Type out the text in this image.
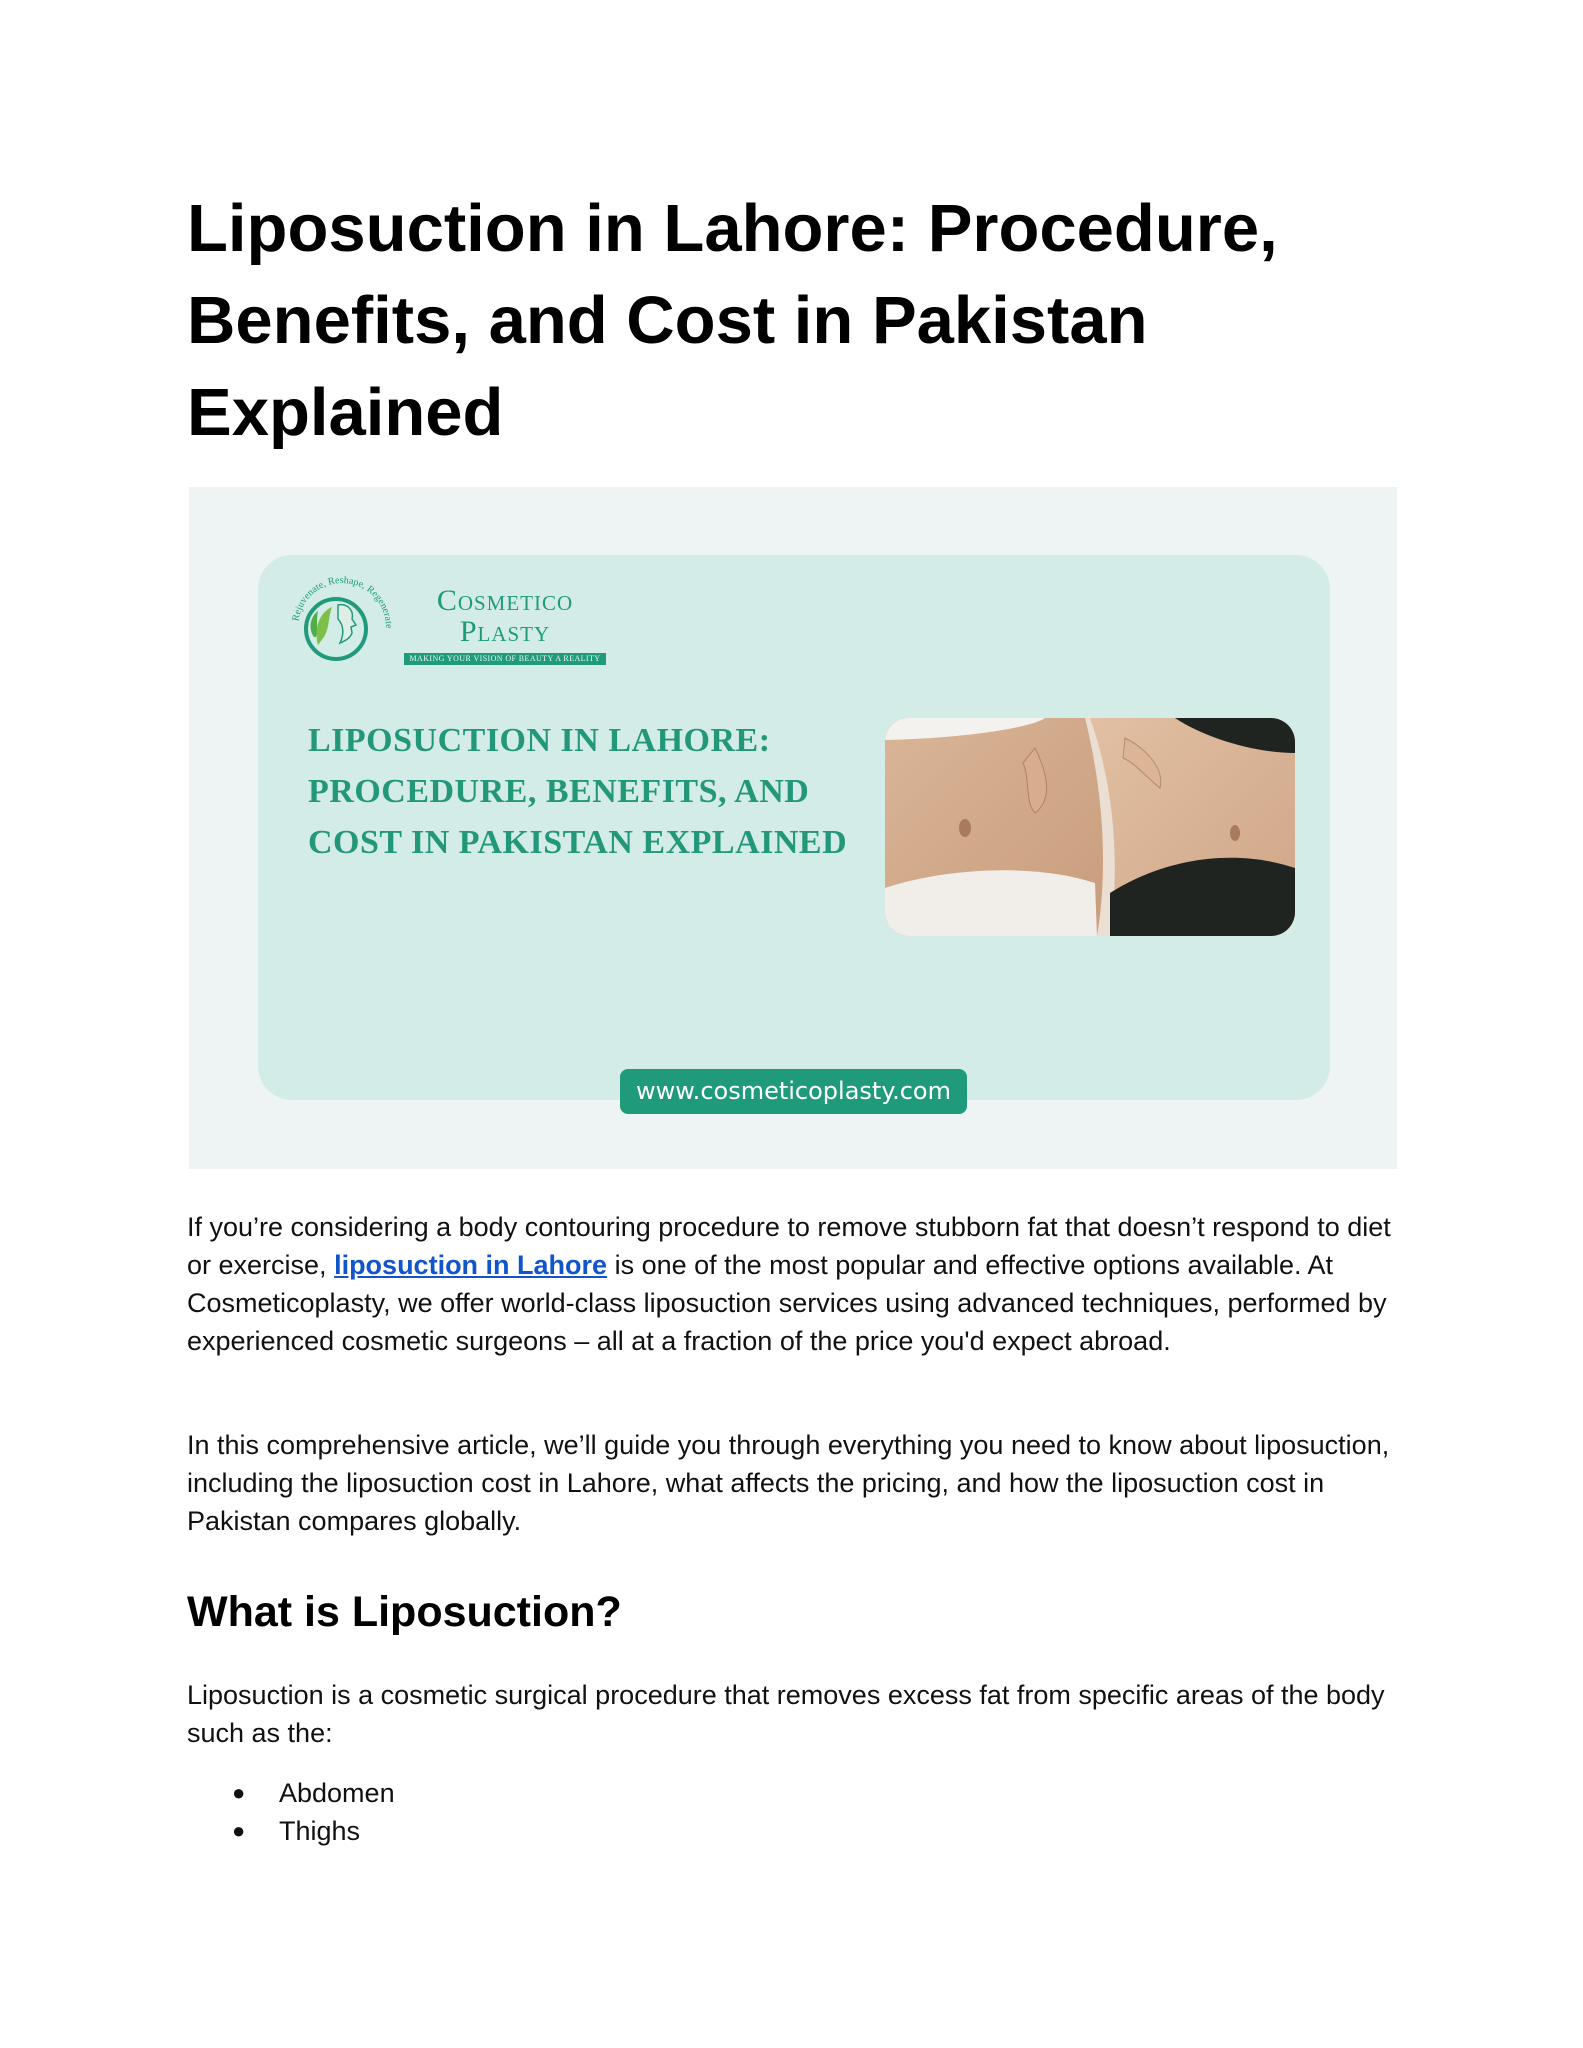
Liposuction in Lahore: Procedure, Benefits, and Cost in Pakistan Explained
Rejuvenate, Reshape, Regenerate

Cosmetico

Plasty

MAKING YOUR VISION OF BEAUTY A REALITY

LIPOSUCTION IN LAHORE: PROCEDURE, BENEFITS, AND COST IN PAKISTAN EXPLAINED

www.cosmeticoplasty.com

If you’re considering a body contouring procedure to remove stubborn fat that doesn’t respond to diet or exercise, liposuction in Lahore is one of the most popular and effective options available. At Cosmeticoplasty, we offer world-class liposuction services using advanced techniques, performed by experienced cosmetic surgeons – all at a fraction of the price you'd expect abroad.

In this comprehensive article, we’ll guide you through everything you need to know about liposuction, including the liposuction cost in Lahore, what affects the pricing, and how the liposuction cost in Pakistan compares globally.

What is Liposuction?

Liposuction is a cosmetic surgical procedure that removes excess fat from specific areas of the body such as the:

● Abdomen
● Thighs
